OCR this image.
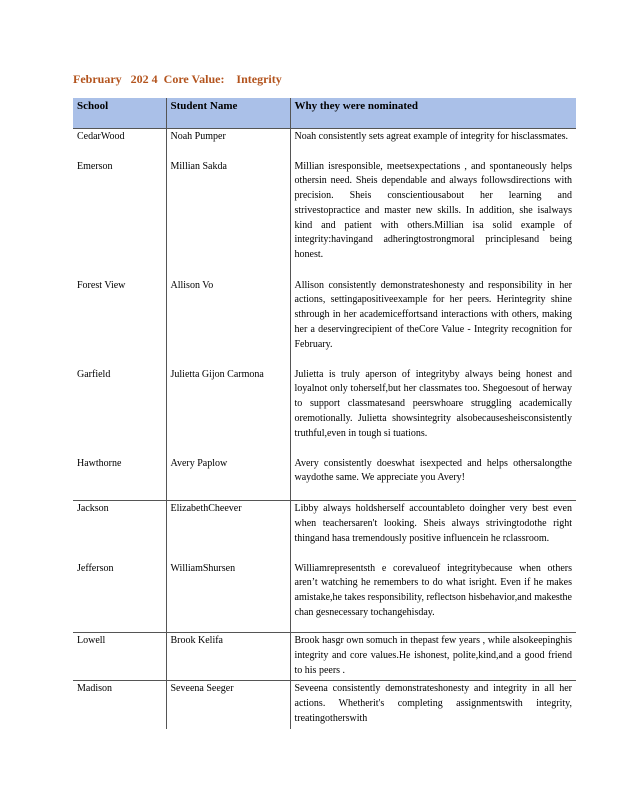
February   202 4  Core Value:    Integrity
School	Student Name	Why they were nominated
CedarWood	Noah Pumper	Noah consistently sets agreat example of integrity for hisclassmates.
Emerson	Millian Sakda	Millian isresponsible, meetsexpectations , and spontaneously helps othersin need. Sheis dependable and always followsdirections with precision. Sheis conscientiousabout her learning and strivestopractice and master new skills. In addition, she isalways kind and patient with others.Millian isa solid example of integrity:havingand adheringtostrongmoral principlesand being honest.
Forest View	Allison Vo	Allison consistently demonstrateshonesty and responsibility in her actions, settingapositiveexample for her peers. Herintegrity shine sthrough in her academiceffortsand interactions with others, making her a deservingrecipient of theCore Value - Integrity recognition for February.
Garfield	Julietta Gijon Carmona	Julietta is truly aperson of integrityby always being honest and loyalnot only toherself,but her classmates too. Shegoesout of herway to support classmatesand peerswhoare struggling academically oremotionally. Julietta showsintegrity alsobecausesheisconsistently truthful,even in tough si tuations.
Hawthorne	Avery Paplow	Avery consistently doeswhat isexpected and helps othersalongthe waydothe same. We appreciate you Avery!
Jackson	ElizabethCheever	Libby always holdsherself accountableto doingher very best even when teachersaren't looking. Sheis always strivingtodothe right thingand hasa tremendously positive influencein he rclassroom.
Jefferson	WilliamShursen	Williamrepresentsth e corevalueof integritybecause when others aren’t watching he remembers to do what isright. Even if he makes amistake,he takes responsibility, reflectson hisbehavior,and makesthe chan gesnecessary tochangehisday.
Lowell	Brook Kelifa	Brook hasgr own somuch in thepast few years , while alsokeepinghis integrity and core values.He ishonest, polite,kind,and a good friend to his peers .
Madison	Seveena Seeger	Seveena consistently demonstrateshonesty and integrity in all her actions. Whetherit's completing assignmentswith integrity, treatingotherswith
